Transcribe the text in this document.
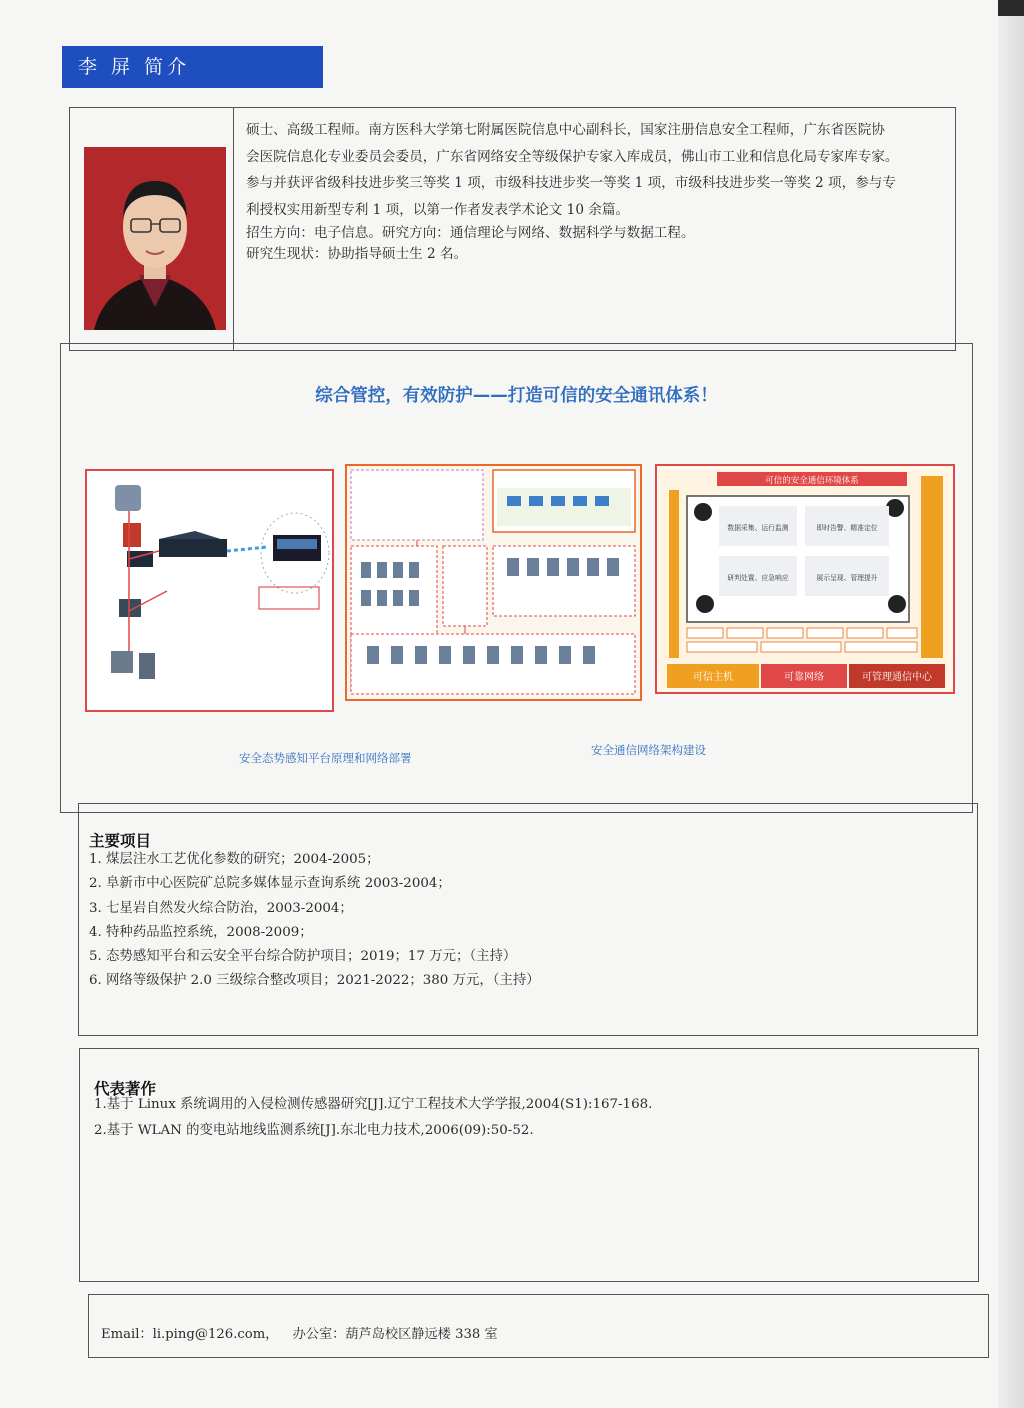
李 屏 简介

硕士、高级工程师。南方医科大学第七附属医院信息中心副科长，国家注册信息安全工程师，广东省医院协

会医院信息化专业委员会委员，广东省网络安全等级保护专家入库成员，佛山市工业和信息化局专家库专家。

参与并获评省级科技进步奖三等奖 1 项，市级科技进步奖一等奖 1 项，市级科技进步奖一等奖 2 项，参与专

利授权实用新型专利 1 项，以第一作者发表学术论文 10 余篇。

招生方向：电子信息。研究方向：通信理论与网络、数据科学与数据工程。

研究生现状：协助指导硕士生 2 名。

综合管控，有效防护——打造可信的安全通讯体系！
可信的安全通信环境体系
数据采集、运行监测	即时告警、精准定位
研判处置、应急响应	展示呈现、管理提升
可信主机	可靠网络	可管理通信中心
安全态势感知平台原理和网络部署
安全通信网络架构建设
主要项目
1. 煤层注水工艺优化参数的研究；2004-2005；
2. 阜新市中心医院矿总院多媒体显示查询系统 2003-2004；
3. 七星岩自然发火综合防治，2003-2004；
4. 特种药品监控系统，2008-2009；
5. 态势感知平台和云安全平台综合防护项目；2019；17 万元；（主持）
6. 网络等级保护 2.0 三级综合整改项目；2021-2022；380 万元，（主持）
代表著作
1.基于 Linux 系统调用的入侵检测传感器研究[J].辽宁工程技术大学学报,2004(S1):167-168.
2.基于 WLAN 的变电站地线监测系统[J].东北电力技术,2006(09):50-52.
Email：li.ping@126.com， 办公室：葫芦岛校区静远楼 338 室
